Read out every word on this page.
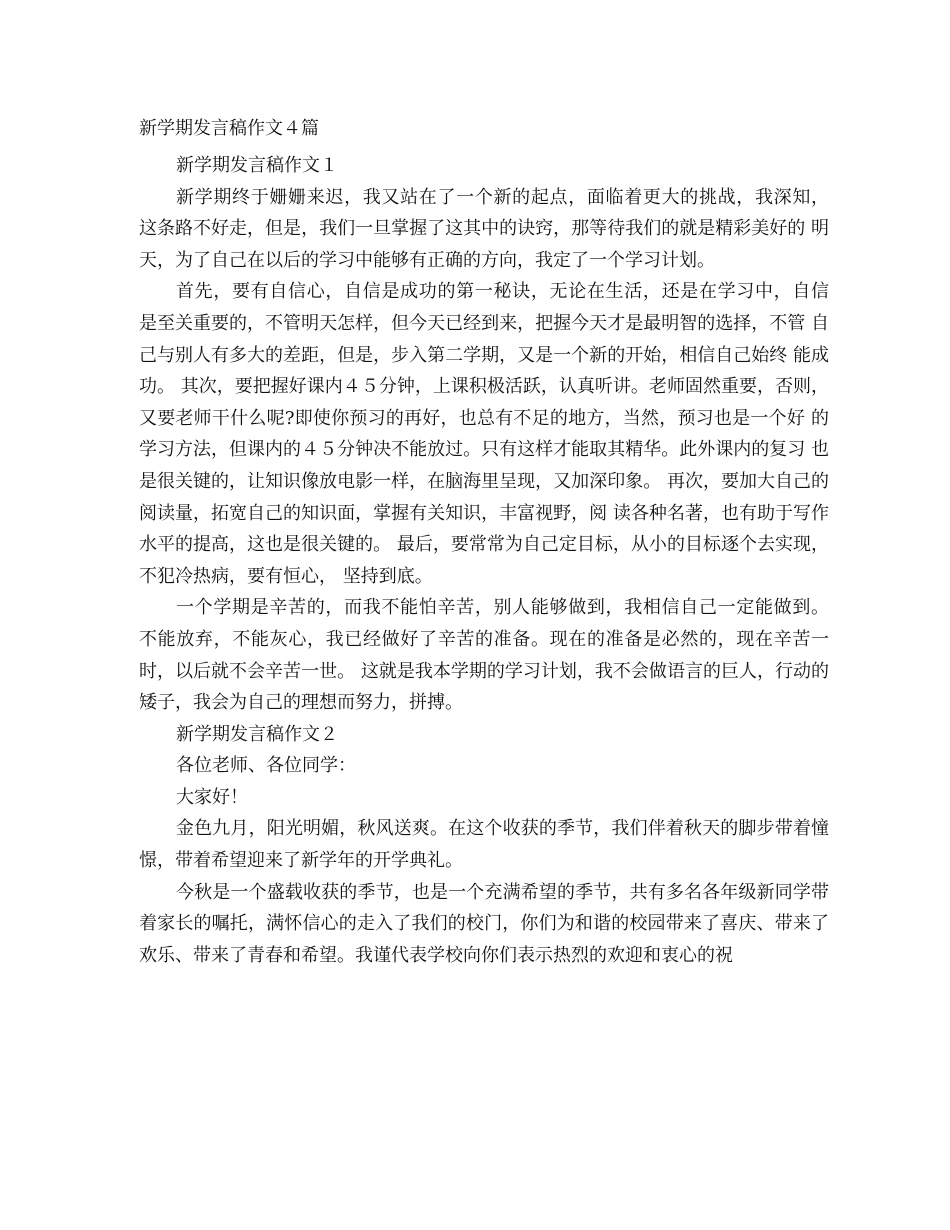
新学期发言稿作文４篇

新学期发言稿作文１

新学期终于姗姗来迟，我又站在了一个新的起点，面临着更大的挑战，我深知， 这条路不好走，但是，我们一旦掌握了这其中的诀窍，那等待我们的就是精彩美好的 明天，为了自己在以后的学习中能够有正确的方向，我定了一个学习计划。

首先，要有自信心，自信是成功的第一秘诀，无论在生活，还是在学习中，自信 是至关重要的，不管明天怎样，但今天已经到来，把握今天才是最明智的选择，不管 自己与别人有多大的差距，但是，步入第二学期，又是一个新的开始，相信自己始终 能成功。 其次，要把握好课内４５分钟，上课积极活跃，认真听讲。老师固然重要，否则， 又要老师干什么呢?即使你预习的再好，也总有不足的地方，当然，预习也是一个好 的学习方法，但课内的４５分钟决不能放过。只有这样才能取其精华。此外课内的复习 也是很关键的，让知识像放电影一样，在脑海里呈现，又加深印象。 再次，要加大自己的阅读量，拓宽自己的知识面，掌握有关知识，丰富视野，阅 读各种名著，也有助于写作水平的提高，这也是很关键的。 最后，要常常为自己定目标，从小的目标逐个去实现，不犯冷热病，要有恒心， 坚持到底。

一个学期是辛苦的，而我不能怕辛苦，别人能够做到，我相信自己一定能做到。 不能放弃，不能灰心，我已经做好了辛苦的准备。现在的准备是必然的，现在辛苦一 时，以后就不会辛苦一世。 这就是我本学期的学习计划，我不会做语言的巨人，行动的矮子，我会为自己的理想而努力，拼搏。

新学期发言稿作文２

各位老师、各位同学：

大家好！

金色九月，阳光明媚，秋风送爽。在这个收获的季节，我们伴着秋天的脚步带着憧憬，带着希望迎来了新学年的开学典礼。

今秋是一个盛载收获的季节，也是一个充满希望的季节，共有多名各年级新同学带着家长的嘱托，满怀信心的走入了我们的校门，你们为和谐的校园带来了喜庆、带来了欢乐、带来了青春和希望。我谨代表学校向你们表示热烈的欢迎和衷心的祝
